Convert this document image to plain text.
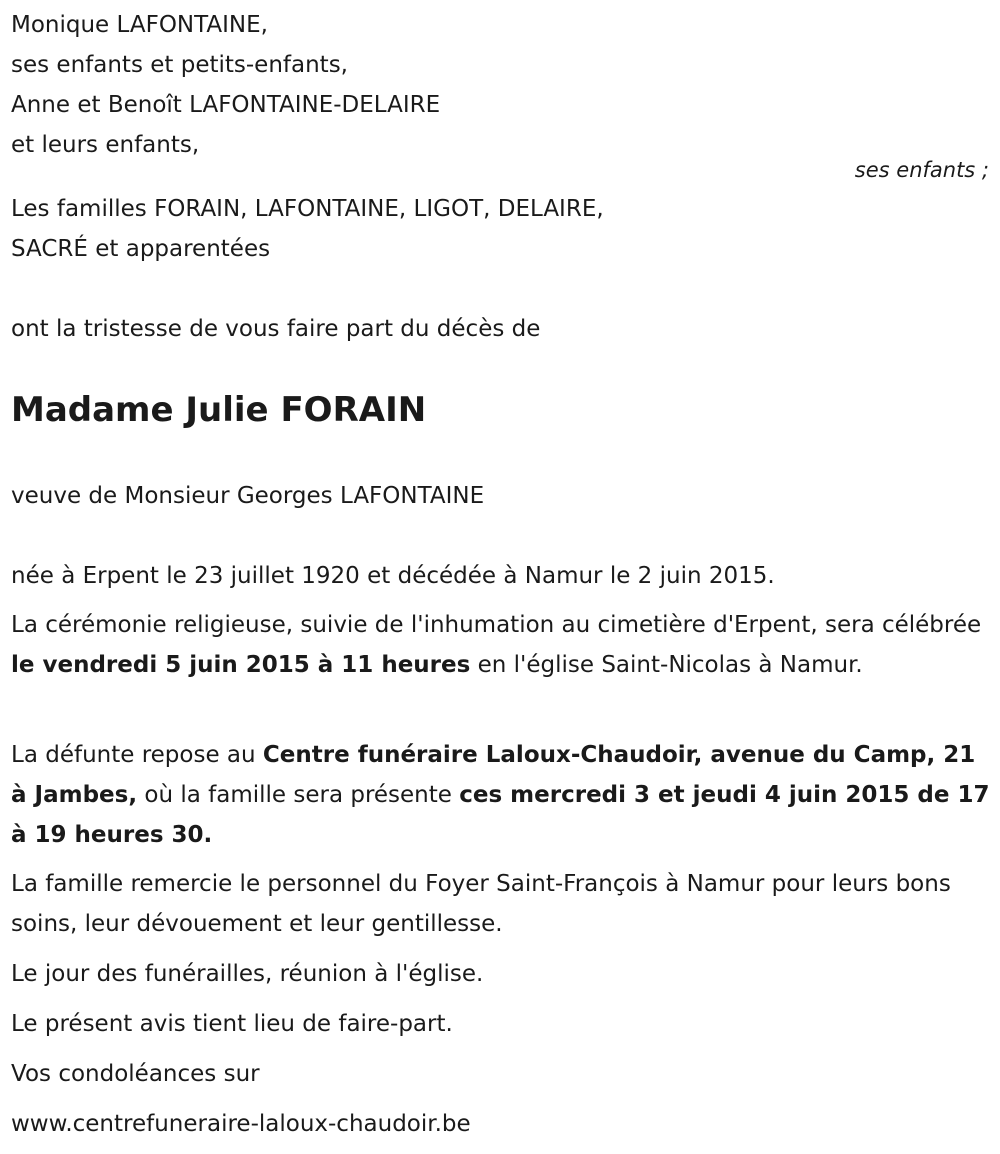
Monique LAFONTAINE,
ses enfants et petits-enfants,
Anne et Benoît LAFONTAINE-DELAIRE
et leurs enfants,
ses enfants ;
Les familles FORAIN, LAFONTAINE, LIGOT, DELAIRE,
SACRÉ et apparentées
ont la tristesse de vous faire part du décès de
Madame Julie FORAIN
veuve de Monsieur Georges LAFONTAINE
née à Erpent le 23 juillet 1920 et décédée à Namur le 2 juin 2015.
La cérémonie religieuse, suivie de l'inhumation au cimetière d'Erpent, sera célébrée le vendredi 5 juin 2015 à 11 heures en l'église Saint-Nicolas à Namur.
La défunte repose au Centre funéraire Laloux-Chaudoir, avenue du Camp, 21 à Jambes, où la famille sera présente ces mercredi 3 et jeudi 4 juin 2015 de 17 à 19 heures 30.
La famille remercie le personnel du Foyer Saint-François à Namur pour leurs bons soins, leur dévouement et leur gentillesse.
Le jour des funérailles, réunion à l'église.
Le présent avis tient lieu de faire-part.
Vos condoléances sur
www.centrefuneraire-laloux-chaudoir.be
